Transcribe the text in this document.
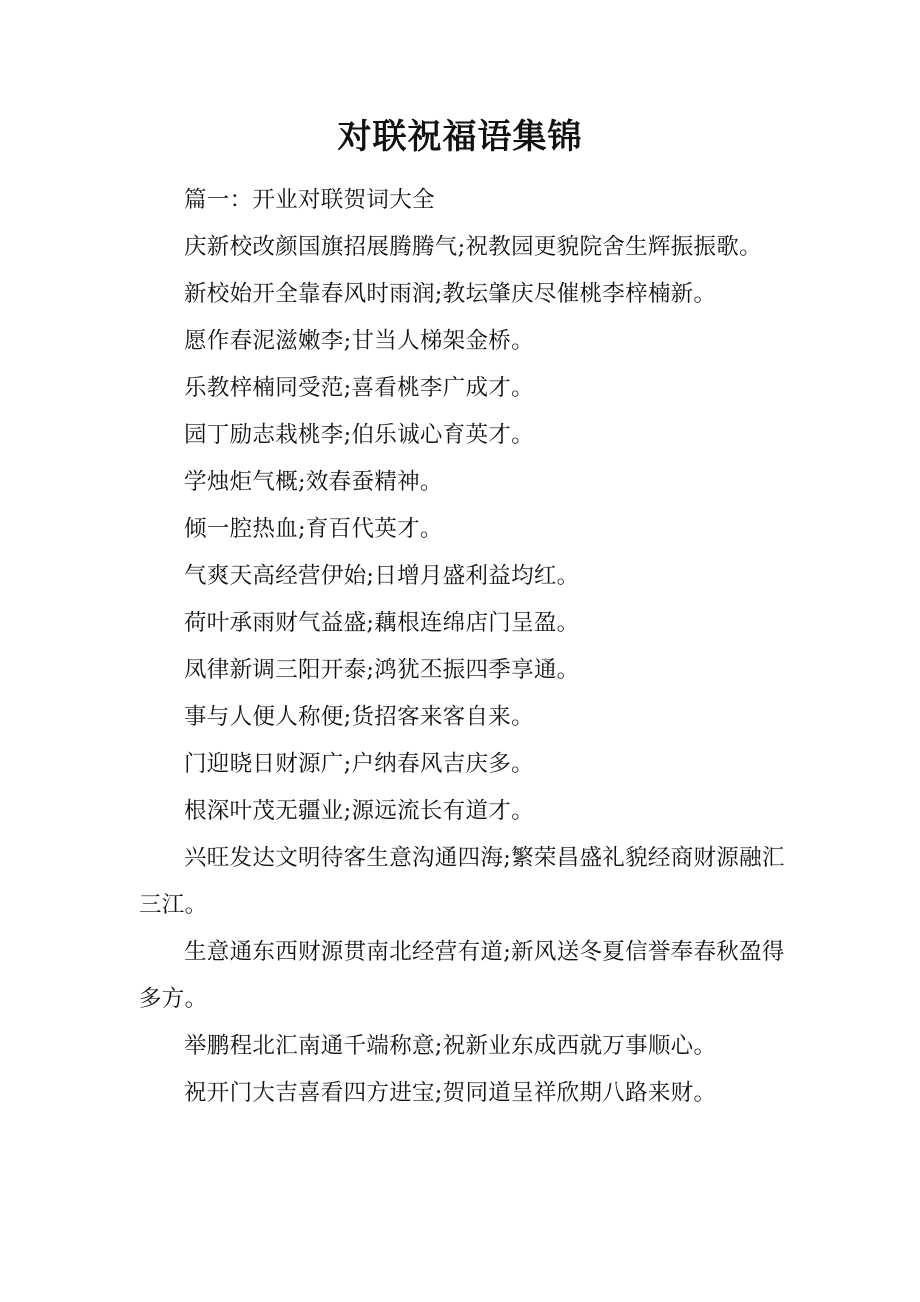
对联祝福语集锦

篇一：开业对联贺词大全

庆新校改颜国旗招展腾腾气;祝教园更貌院舍生辉振振歌。

新校始开全靠春风时雨润;教坛肇庆尽催桃李梓楠新。

愿作春泥滋嫩李;甘当人梯架金桥。

乐教梓楠同受范;喜看桃李广成才。

园丁励志栽桃李;伯乐诚心育英才。

学烛炬气概;效春蚕精神。

倾一腔热血;育百代英才。

气爽天高经营伊始;日增月盛利益均红。

荷叶承雨财气益盛;藕根连绵店门呈盈。

凤律新调三阳开泰;鸿犹丕振四季享通。

事与人便人称便;货招客来客自来。

门迎晓日财源广;户纳春风吉庆多。

根深叶茂无疆业;源远流长有道才。

兴旺发达文明待客生意沟通四海;繁荣昌盛礼貌经商财源融汇三江。

生意通东西财源贯南北经营有道;新风送冬夏信誉奉春秋盈得多方。

举鹏程北汇南通千端称意;祝新业东成西就万事顺心。

祝开门大吉喜看四方进宝;贺同道呈祥欣期八路来财。
